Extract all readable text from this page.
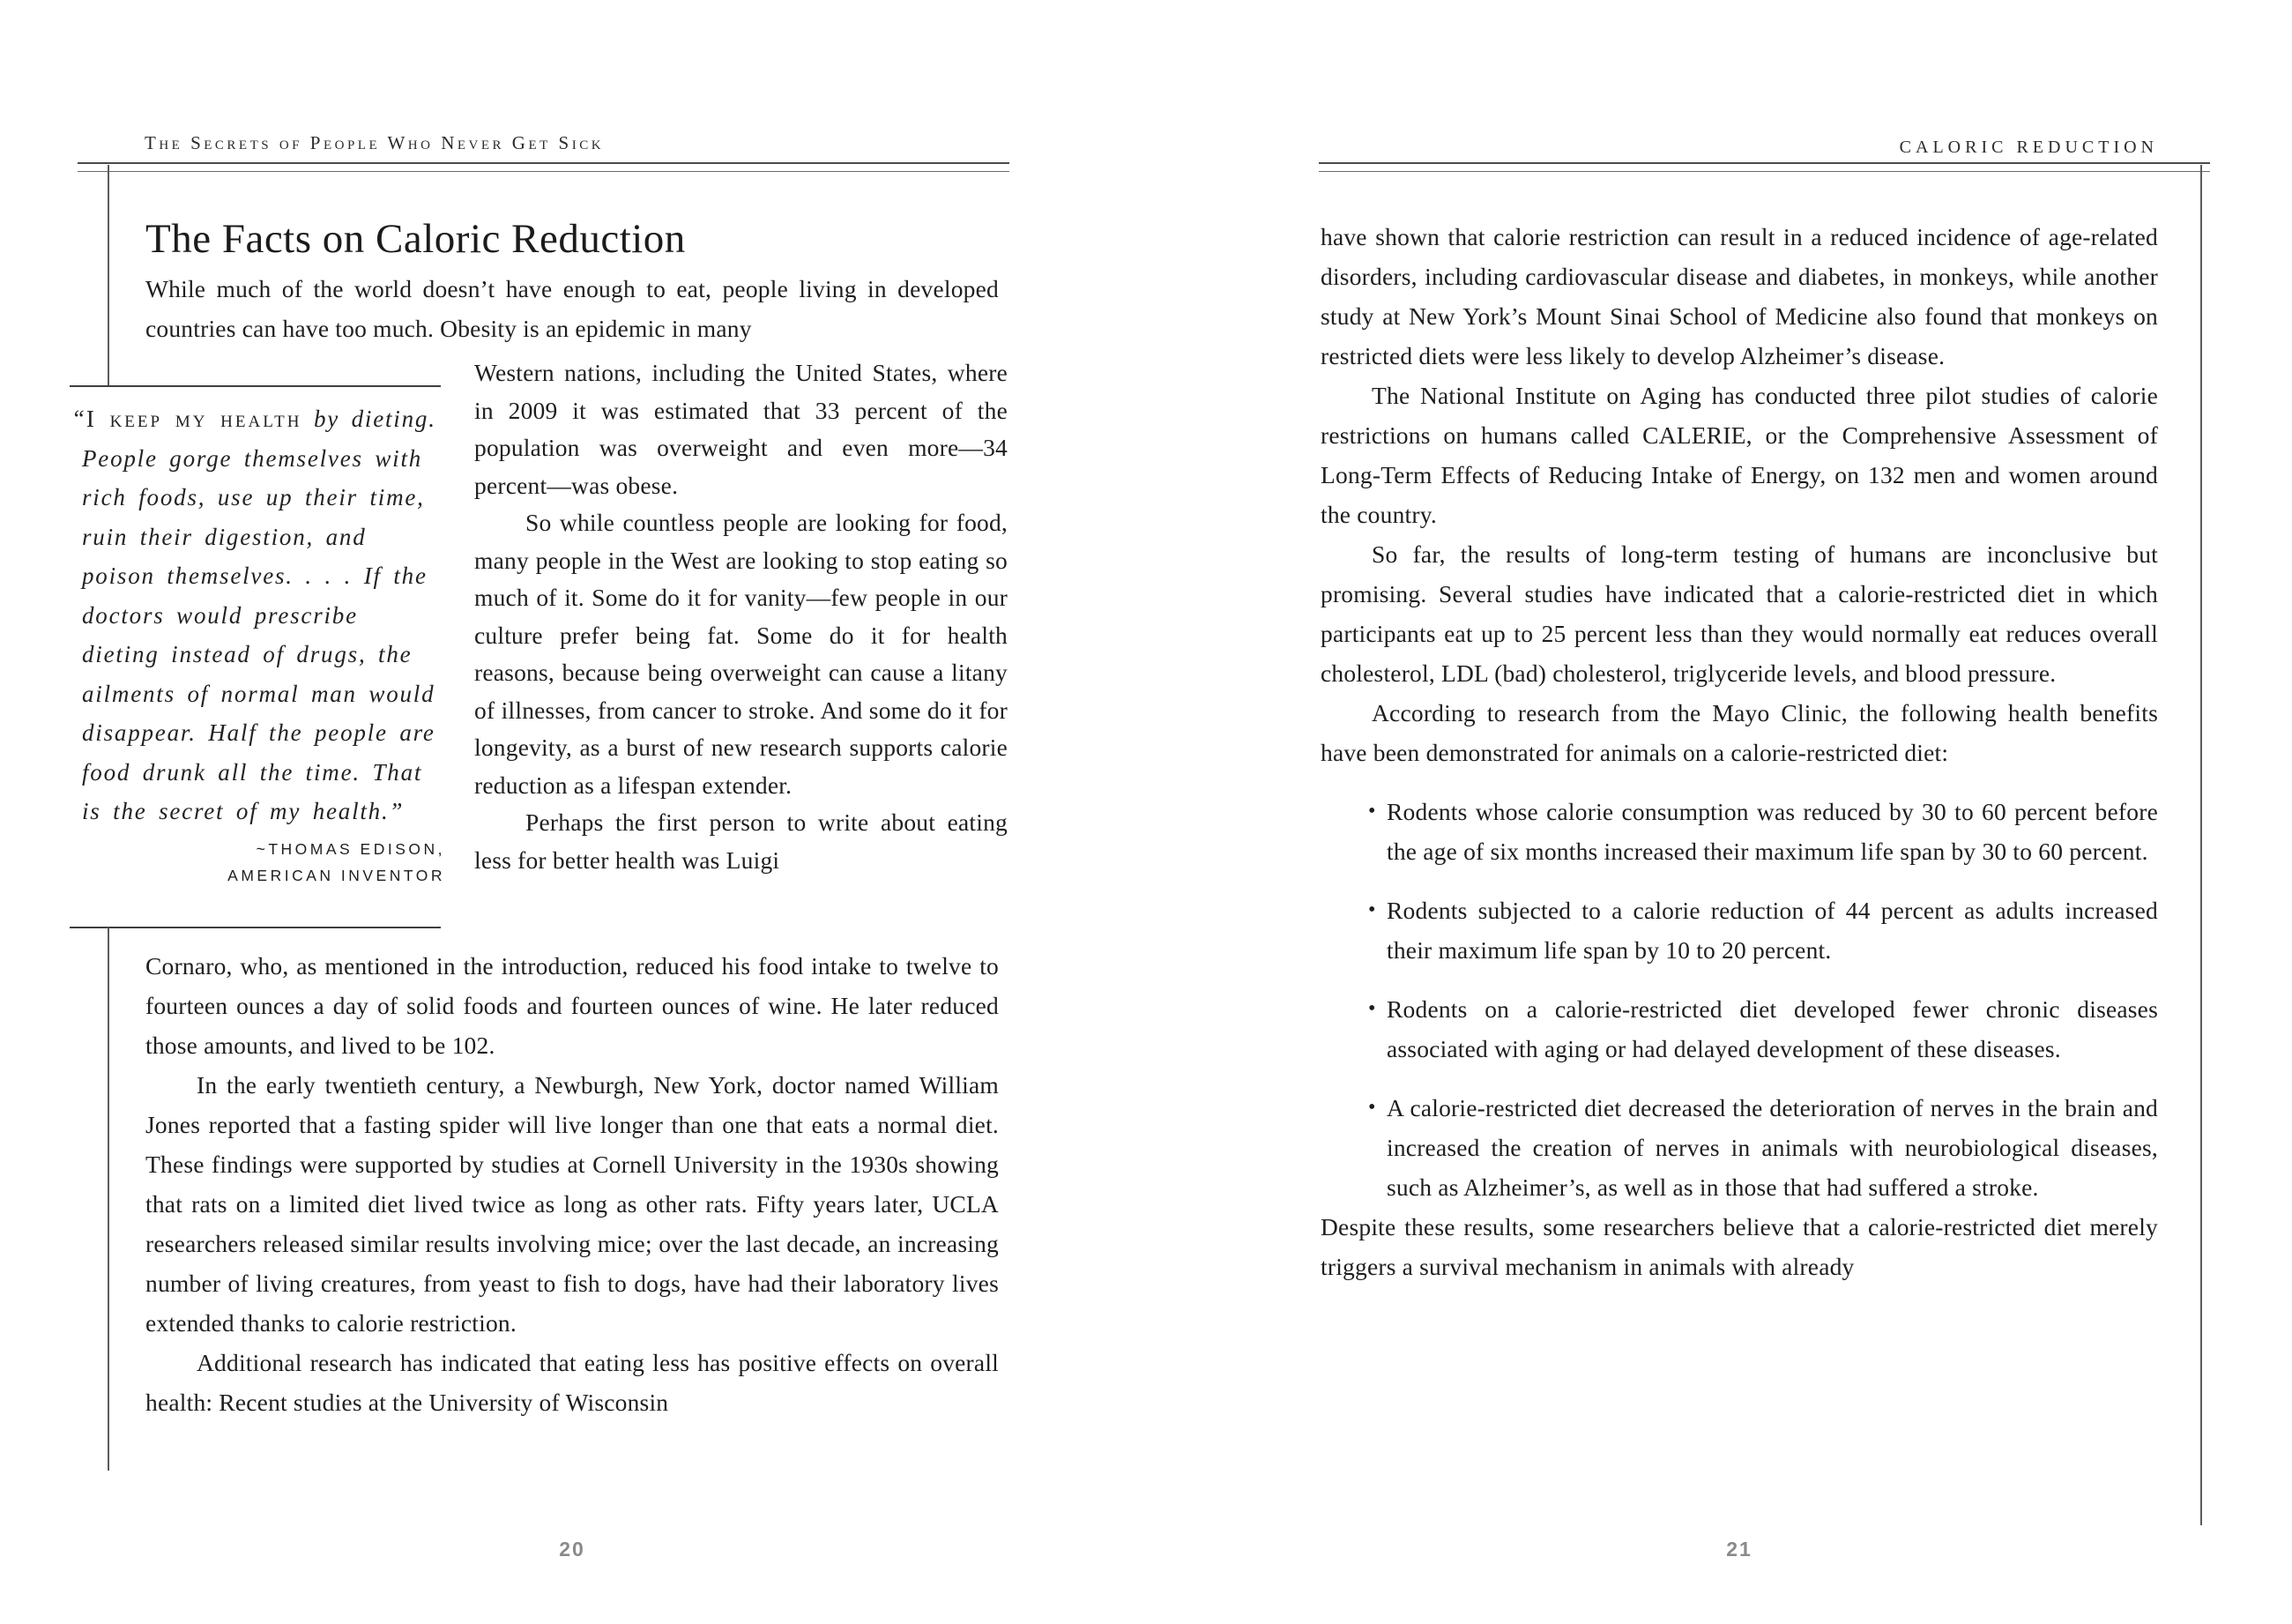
The Secrets of People Who Never Get Sick
The Facts on Caloric Reduction

While much of the world doesn’t have enough to eat, people living in developed countries can have too much. Obesity is an epidemic in many

“I keep my health by dieting. People gorge themselves with rich foods, use up their time, ruin their digestion, and poison themselves. . . . If the doctors would prescribe dieting instead of drugs, the ailments of normal man would disappear. Half the people are food drunk all the time. That is the secret of my health.”

~THOMAS EDISON,
AMERICAN INVENTOR

Western nations, including the United States, where in 2009 it was estimated that 33 percent of the population was overweight and even more—34 percent—was obese.

So while countless people are looking for food, many people in the West are looking to stop eating so much of it. Some do it for vanity—few people in our culture prefer being fat. Some do it for health reasons, because being overweight can cause a litany of illnesses, from cancer to stroke. And some do it for longevity, as a burst of new research supports calorie reduction as a lifespan extender.

Perhaps the first person to write about eating less for better health was Luigi

Cornaro, who, as mentioned in the introduction, reduced his food intake to twelve to fourteen ounces a day of solid foods and fourteen ounces of wine. He later reduced those amounts, and lived to be 102.

In the early twentieth century, a Newburgh, New York, doctor named William Jones reported that a fasting spider will live longer than one that eats a normal diet. These findings were supported by studies at Cornell University in the 1930s showing that rats on a limited diet lived twice as long as other rats. Fifty years later, UCLA researchers released similar results involving mice; over the last decade, an increasing number of living creatures, from yeast to fish to dogs, have had their laboratory lives extended thanks to calorie restriction.

Additional research has indicated that eating less has positive effects on overall health: Recent studies at the University of Wisconsin

20
CALORIC REDUCTION

have shown that calorie restriction can result in a reduced incidence of age-related disorders, including cardiovascular disease and diabetes, in monkeys, while another study at New York’s Mount Sinai School of Medicine also found that monkeys on restricted diets were less likely to develop Alzheimer’s disease.

The National Institute on Aging has conducted three pilot studies of calorie restrictions on humans called CALERIE, or the Comprehensive Assessment of Long-Term Effects of Reducing Intake of Energy, on 132 men and women around the country.

So far, the results of long-term testing of humans are inconclusive but promising. Several studies have indicated that a calorie-restricted diet in which participants eat up to 25 percent less than they would normally eat reduces overall cholesterol, LDL (bad) cholesterol, triglyceride levels, and blood pressure.

According to research from the Mayo Clinic, the following health benefits have been demonstrated for animals on a calorie-restricted diet:

• Rodents whose calorie consumption was reduced by 30 to 60 percent before the age of six months increased their maximum life span by 30 to 60 percent.
• Rodents subjected to a calorie reduction of 44 percent as adults increased their maximum life span by 10 to 20 percent.
• Rodents on a calorie-restricted diet developed fewer chronic diseases associated with aging or had delayed development of these diseases.
• A calorie-restricted diet decreased the deterioration of nerves in the brain and increased the creation of nerves in animals with neurobiological diseases, such as Alzheimer’s, as well as in those that had suffered a stroke.

Despite these results, some researchers believe that a calorie-restricted diet merely triggers a survival mechanism in animals with already

21
